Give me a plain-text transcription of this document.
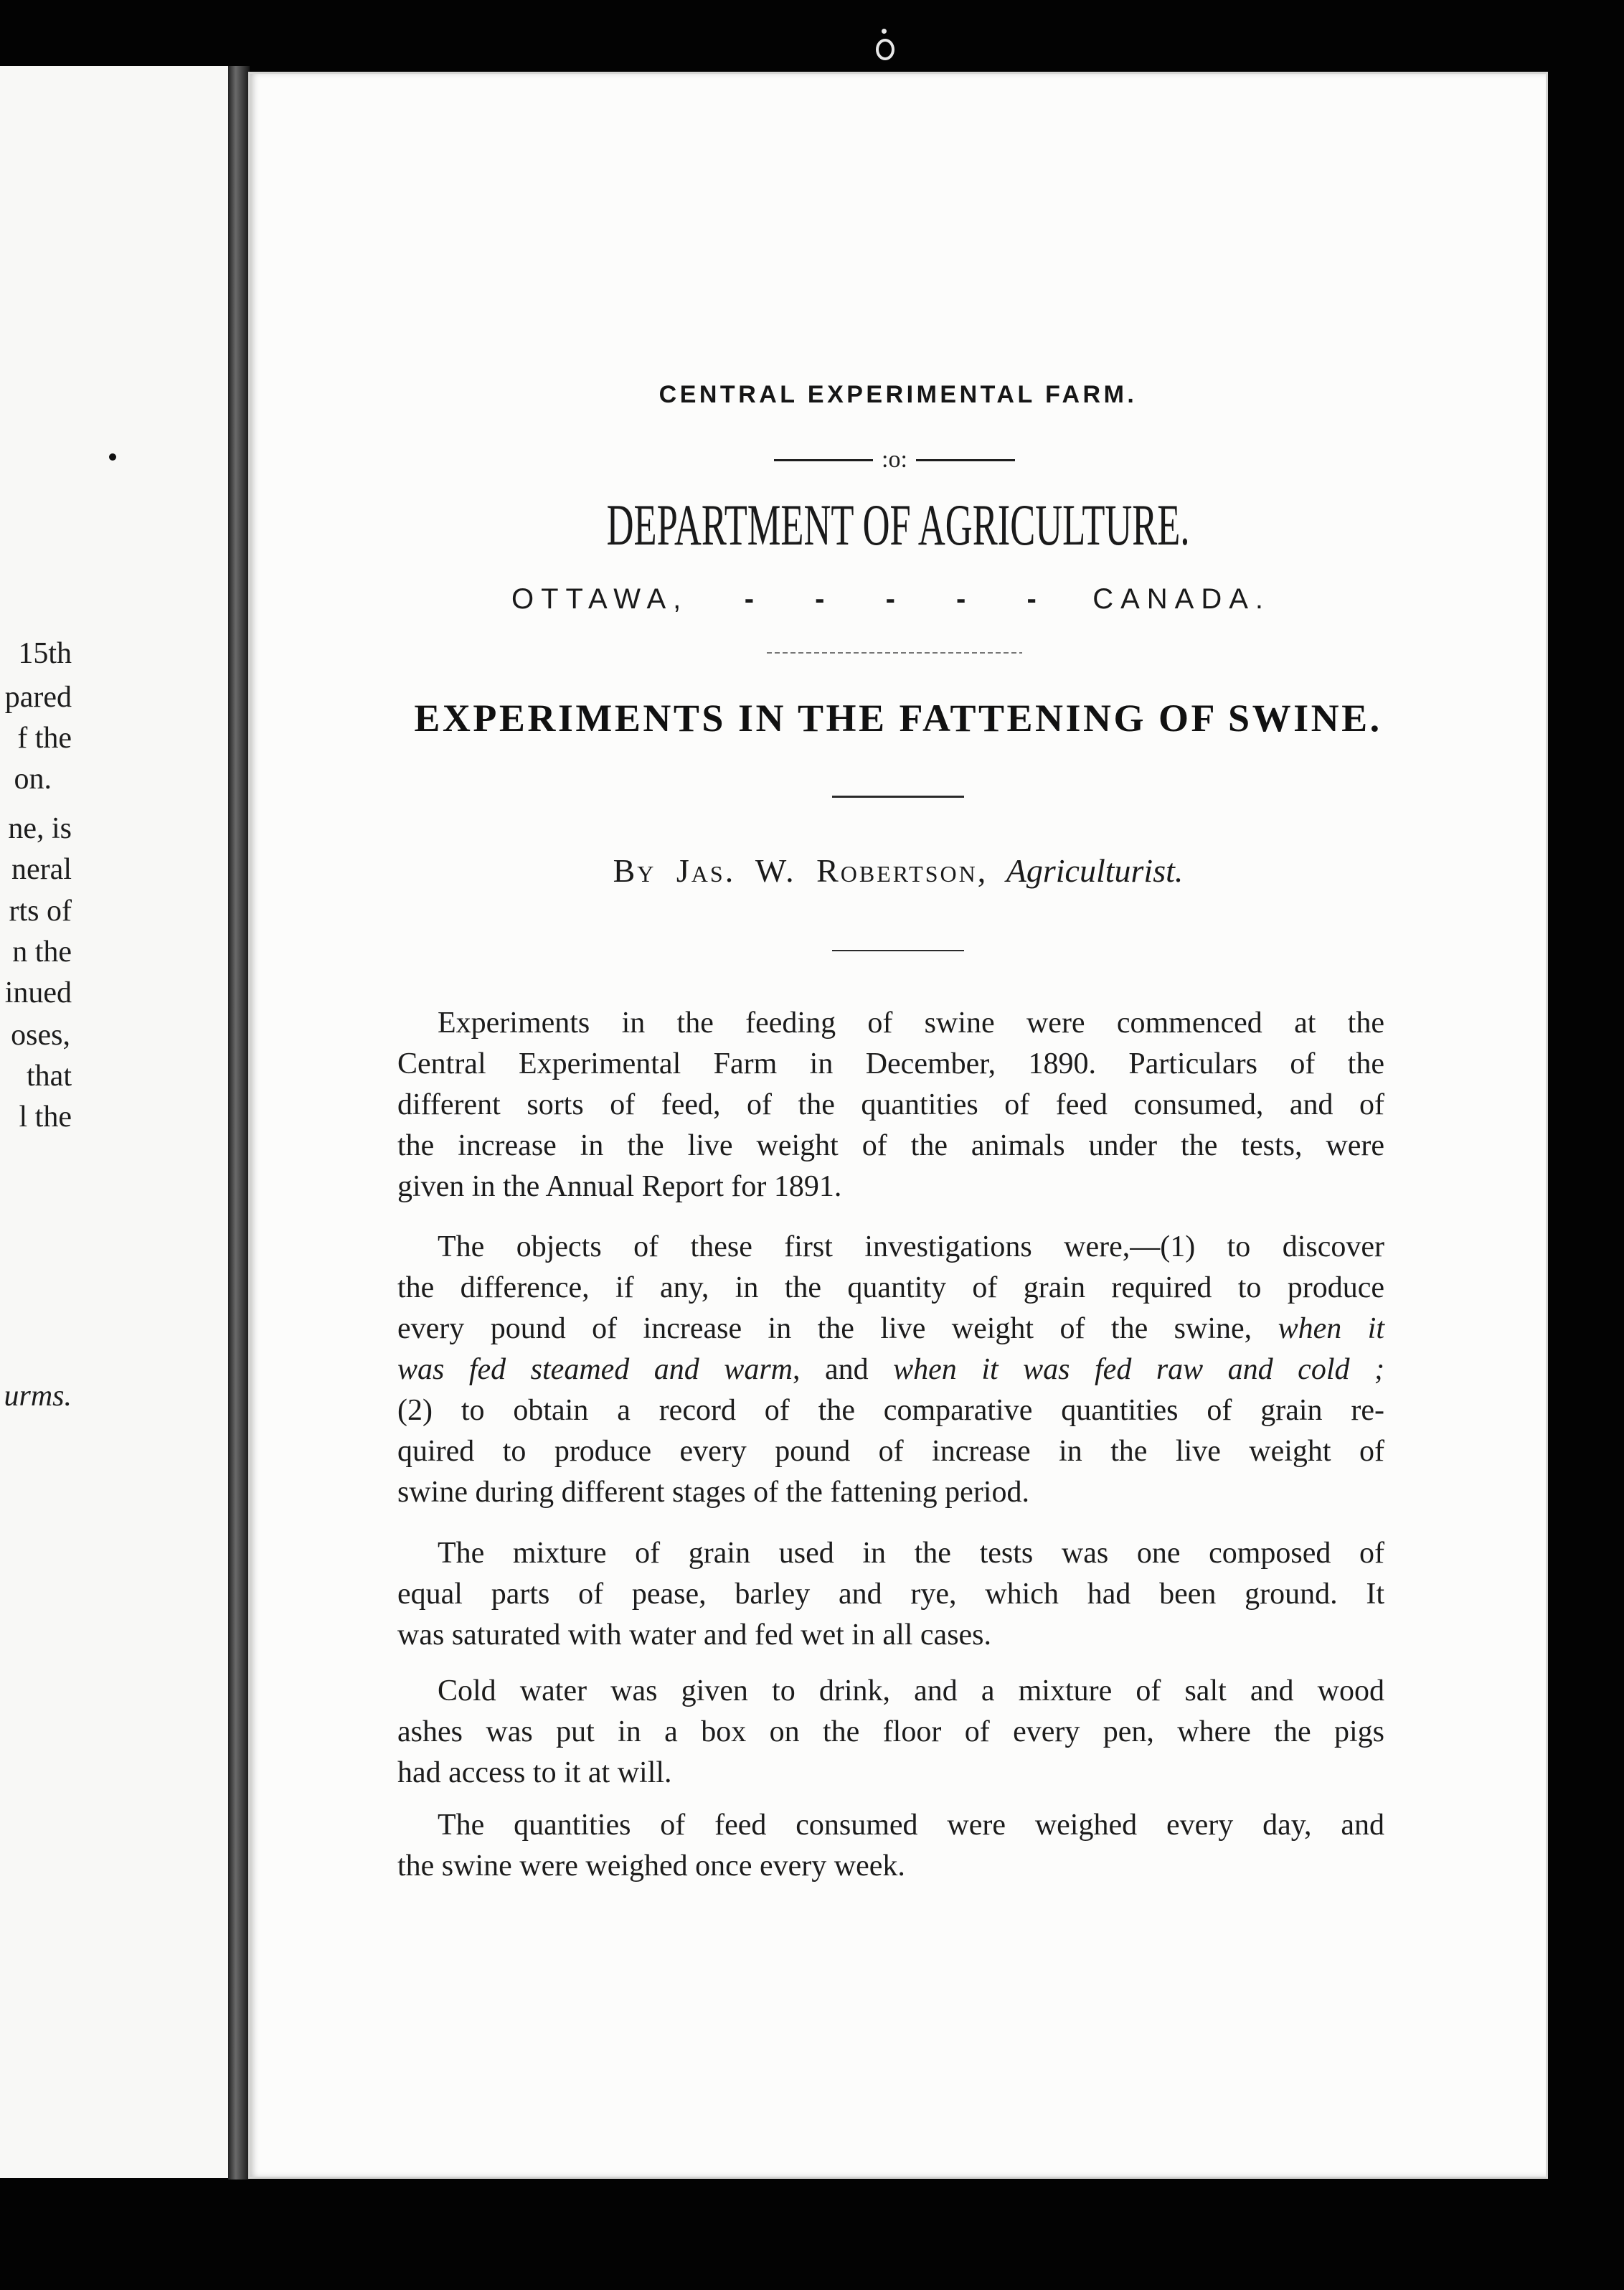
15th
pared
f the
on.
ne, is
neral
rts of
n the
inued
oses,
that
l the
urms.
CENTRAL EXPERIMENTAL FARM.
:o:
DEPARTMENT OF AGRICULTURE.
OTTAWA, - - - - - CANADA.
EXPERIMENTS IN THE FATTENING OF SWINE.
By Jas. W. Robertson, Agriculturist.
Experiments in the feeding of swine were commenced at the
Central Experimental Farm in December, 1890. Particulars of the
different sorts of feed, of the quantities of feed consumed, and of
the increase in the live weight of the animals under the tests, were
given in the Annual Report for 1891.
The objects of these first investigations were,—(1) to discover
the difference, if any, in the quantity of grain required to produce
every pound of increase in the live weight of the swine, when it
was fed steamed and warm, and when it was fed raw and cold ;
(2) to obtain a record of the comparative quantities of grain re-
quired to produce every pound of increase in the live weight of
swine during different stages of the fattening period.
The mixture of grain used in the tests was one composed of
equal parts of pease, barley and rye, which had been ground. It
was saturated with water and fed wet in all cases.
Cold water was given to drink, and a mixture of salt and wood
ashes was put in a box on the floor of every pen, where the pigs
had access to it at will.
The quantities of feed consumed were weighed every day, and
the swine were weighed once every week.
